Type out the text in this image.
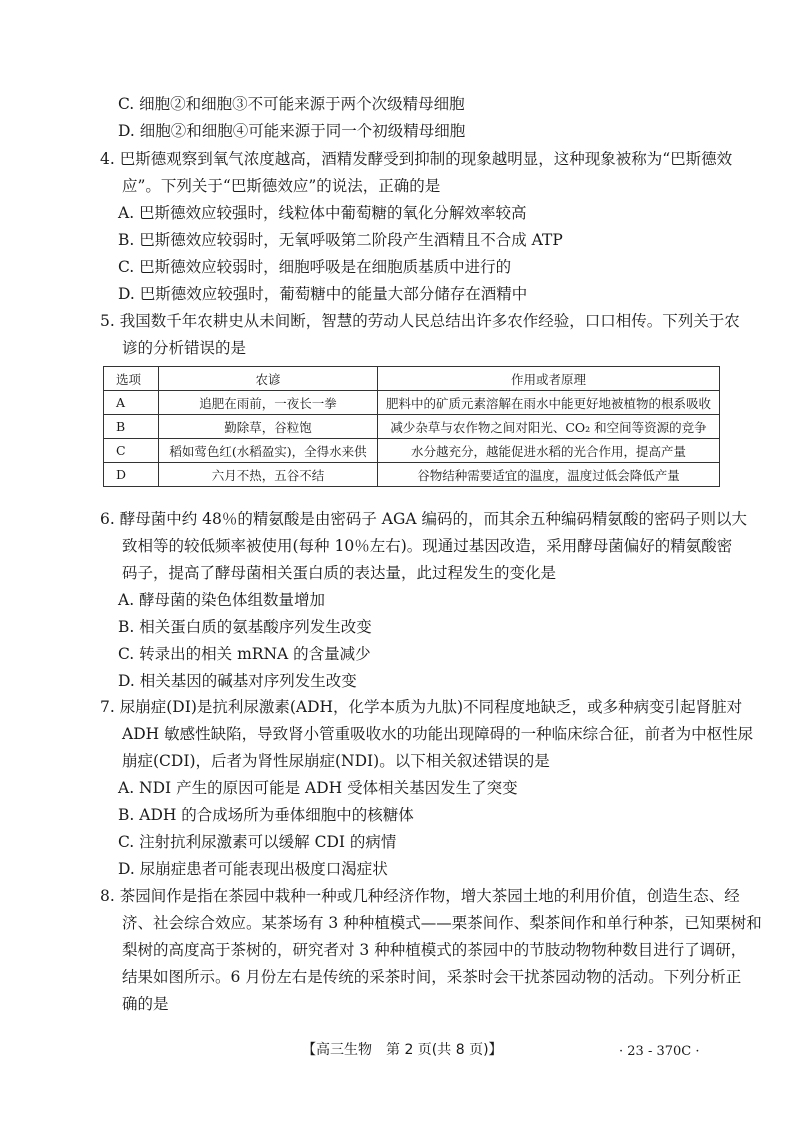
C. 细胞②和细胞③不可能来源于两个次级精母细胞
D. 细胞②和细胞④可能来源于同一个初级精母细胞
4. 巴斯德观察到氧气浓度越高，酒精发酵受到抑制的现象越明显，这种现象被称为“巴斯德效
应”。下列关于“巴斯德效应”的说法，正确的是
A. 巴斯德效应较强时，线粒体中葡萄糖的氧化分解效率较高
B. 巴斯德效应较弱时，无氧呼吸第二阶段产生酒精且不合成 ATP
C. 巴斯德效应较弱时，细胞呼吸是在细胞质基质中进行的
D. 巴斯德效应较强时，葡萄糖中的能量大部分储存在酒精中
5. 我国数千年农耕史从未间断，智慧的劳动人民总结出许多农作经验，口口相传。下列关于农
谚的分析错误的是
选项	农谚	作用或者原理
A	追肥在雨前，一夜长一拳	肥料中的矿质元素溶解在雨水中能更好地被植物的根系吸收
B	勤除草，谷粒饱	减少杂草与农作物之间对阳光、CO₂ 和空间等资源的竞争
C	稻如莺色红(水稻盈实)，全得水来供	水分越充分，越能促进水稻的光合作用，提高产量
D	六月不热，五谷不结	谷物结种需要适宜的温度，温度过低会降低产量
6. 酵母菌中约 48％的精氨酸是由密码子 AGA 编码的，而其余五种编码精氨酸的密码子则以大
致相等的较低频率被使用(每种 10％左右)。现通过基因改造，采用酵母菌偏好的精氨酸密
码子，提高了酵母菌相关蛋白质的表达量，此过程发生的变化是
A. 酵母菌的染色体组数量增加
B. 相关蛋白质的氨基酸序列发生改变
C. 转录出的相关 mRNA 的含量减少
D. 相关基因的碱基对序列发生改变
7. 尿崩症(DI)是抗利尿激素(ADH，化学本质为九肽)不同程度地缺乏，或多种病变引起肾脏对
ADH 敏感性缺陷，导致肾小管重吸收水的功能出现障碍的一种临床综合征，前者为中枢性尿
崩症(CDI)，后者为肾性尿崩症(NDI)。以下相关叙述错误的是
A. NDI 产生的原因可能是 ADH 受体相关基因发生了突变
B. ADH 的合成场所为垂体细胞中的核糖体
C. 注射抗利尿激素可以缓解 CDI 的病情
D. 尿崩症患者可能表现出极度口渴症状
8. 茶园间作是指在茶园中栽种一种或几种经济作物，增大茶园土地的利用价值，创造生态、经
济、社会综合效应。某茶场有 3 种种植模式——栗茶间作、梨茶间作和单行种茶，已知栗树和
梨树的高度高于茶树的，研究者对 3 种种植模式的茶园中的节肢动物物种数目进行了调研，
结果如图所示。6 月份左右是传统的采茶时间，采茶时会干扰茶园动物的活动。下列分析正
确的是
【高三生物　第 2 页(共 8 页)】	· 23 - 370C ·
